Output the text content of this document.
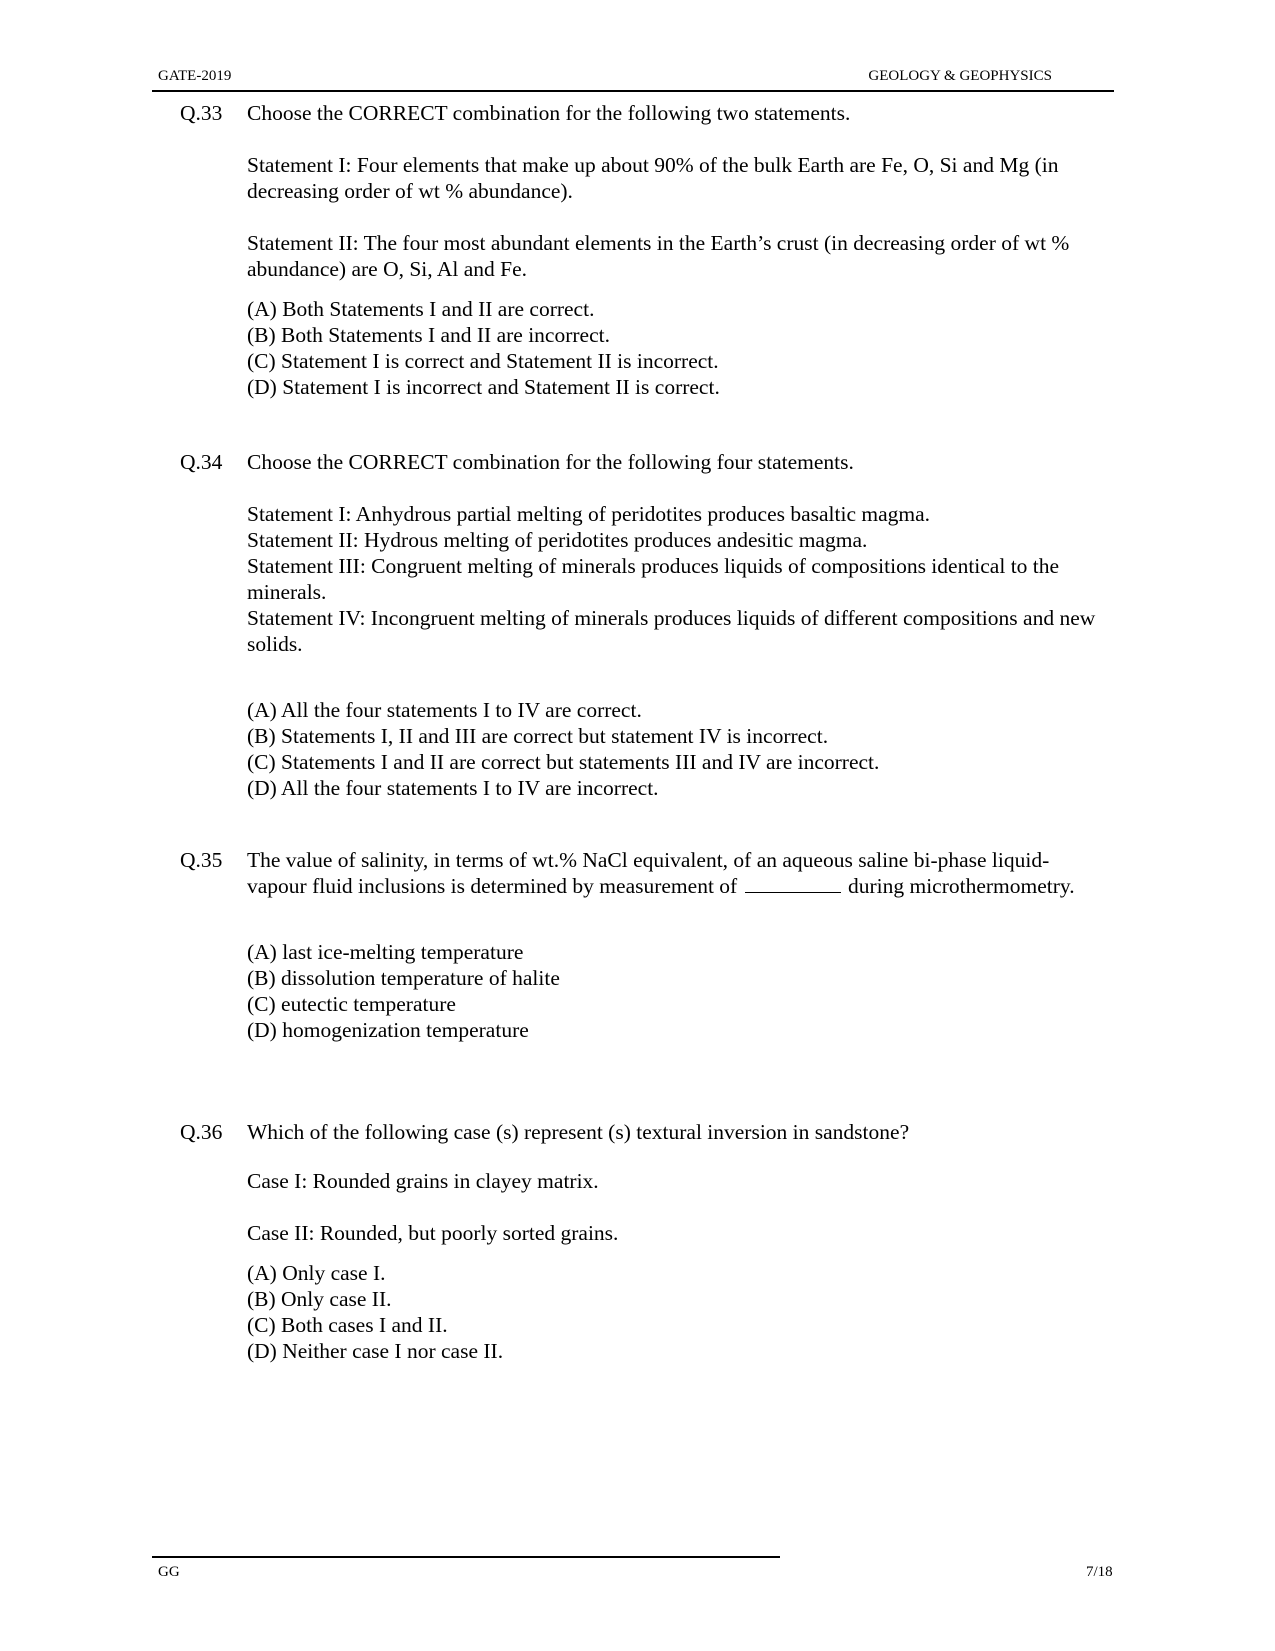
GATE-2019	GEOLOGY & GEOPHYSICS
Q.33 Choose the CORRECT combination for the following two statements.

Statement I: Four elements that make up about 90% of the bulk Earth are Fe, O, Si and Mg (in decreasing order of wt % abundance).

Statement II: The four most abundant elements in the Earth’s crust (in decreasing order of wt % abundance) are O, Si, Al and Fe.

(A) Both Statements I and II are correct.

(B) Both Statements I and II are incorrect.

(C) Statement I is correct and Statement II is incorrect.

(D) Statement I is incorrect and Statement II is correct.

Q.34 Choose the CORRECT combination for the following four statements.

Statement I: Anhydrous partial melting of peridotites produces basaltic magma.

Statement II: Hydrous melting of peridotites produces andesitic magma.

Statement III: Congruent melting of minerals produces liquids of compositions identical to the minerals.

Statement IV: Incongruent melting of minerals produces liquids of different compositions and new solids.

(A) All the four statements I to IV are correct.

(B) Statements I, II and III are correct but statement IV is incorrect.

(C) Statements I and II are correct but statements III and IV are incorrect.

(D) All the four statements I to IV are incorrect.

Q.35 The value of salinity, in terms of wt.% NaCl equivalent, of an aqueous saline bi-phase liquid-vapour fluid inclusions is determined by measurement of	during microthermometry.

(A) last ice-melting temperature

(B) dissolution temperature of halite

(C) eutectic temperature

(D) homogenization temperature

Q.36 Which of the following case (s) represent (s) textural inversion in sandstone?

Case I: Rounded grains in clayey matrix.

Case II: Rounded, but poorly sorted grains.

(A) Only case I.

(B) Only case II.

(C) Both cases I and II.

(D) Neither case I nor case II.

GG	7/18
